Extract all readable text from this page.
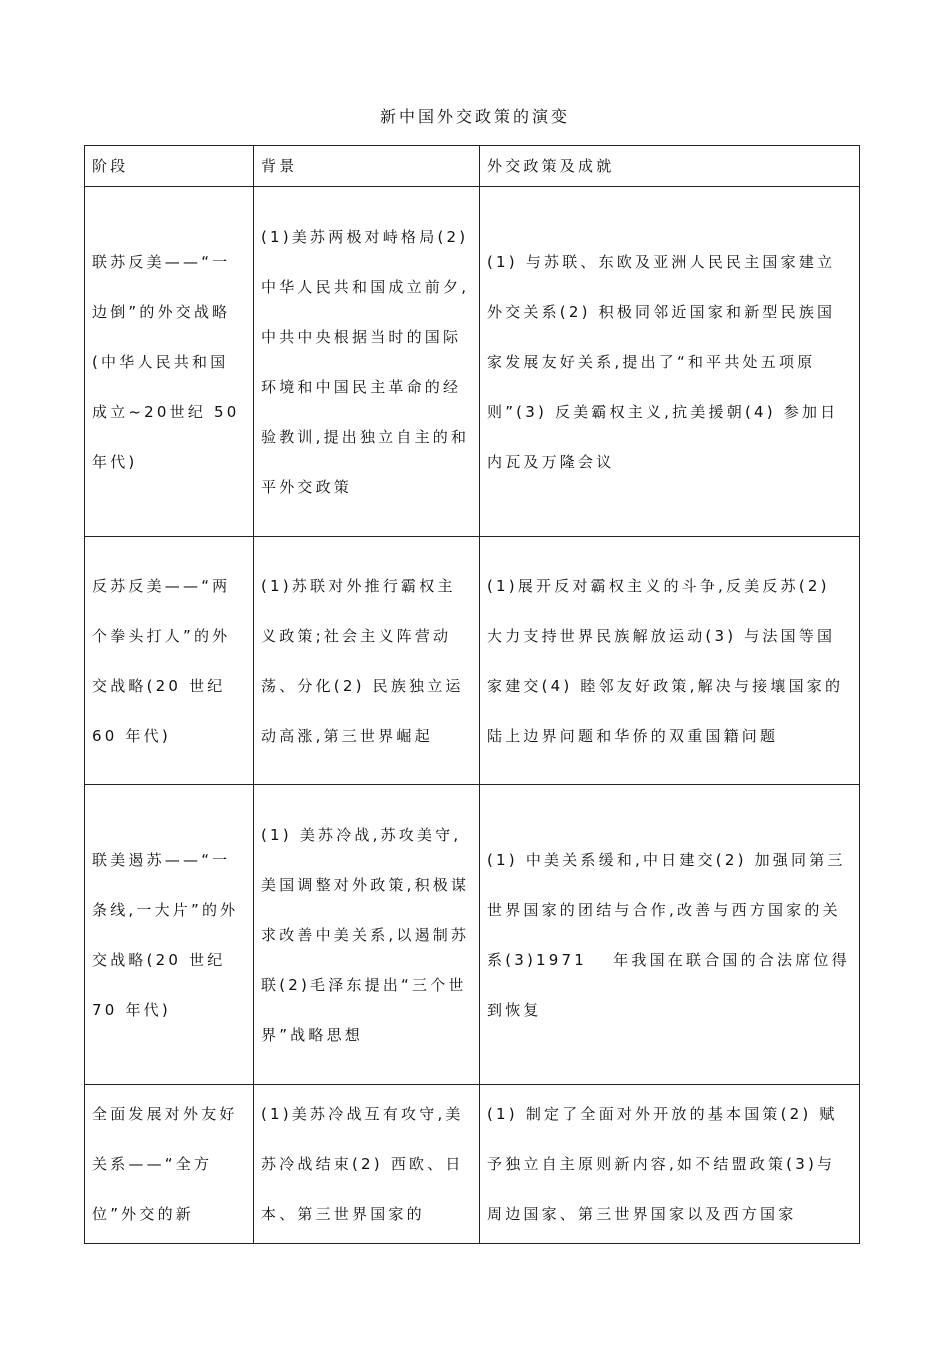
新中国外交政策的演变
阶段	背景	外交政策及成就
联苏反美——“一边倒”的外交战略(中华人民共和国成立~20世纪 50 年代)	(1)美苏两极对峙格局(2)中华人民共和国成立前夕,中共中央根据当时的国际环境和中国民主革命的经验教训,提出独立自主的和平外交政策	(1) 与苏联、东欧及亚洲人民民主国家建立外交关系(2) 积极同邻近国家和新型民族国家发展友好关系,提出了“和平共处五项原则”(3) 反美霸权主义,抗美援朝(4) 参加日内瓦及万隆会议
反苏反美——“两个拳头打人”的外交战略(20 世纪 60 年代)	(1)苏联对外推行霸权主义政策;社会主义阵营动荡、分化(2) 民族独立运动高涨,第三世界崛起	(1)展开反对霸权主义的斗争,反美反苏(2) 大力支持世界民族解放运动(3) 与法国等国家建交(4) 睦邻友好政策,解决与接壤国家的陆上边界问题和华侨的双重国籍问题
联美遏苏——“一条线,一大片”的外交战略(20 世纪 70 年代)	(1) 美苏冷战,苏攻美守,美国调整对外政策,积极谋求改善中美关系,以遏制苏联(2)毛泽东提出“三个世界”战略思想	(1) 中美关系缓和,中日建交(2) 加强同第三世界国家的团结与合作,改善与西方国家的关系(3)1971　 年我国在联合国的合法席位得到恢复
全面发展对外友好关系——“全方位”外交的新	(1)美苏冷战互有攻守,美苏冷战结束(2) 西欧、日本、第三世界国家的	(1) 制定了全面对外开放的基本国策(2) 赋予独立自主原则新内容,如不结盟政策(3)与周边国家、第三世界国家以及西方国家
